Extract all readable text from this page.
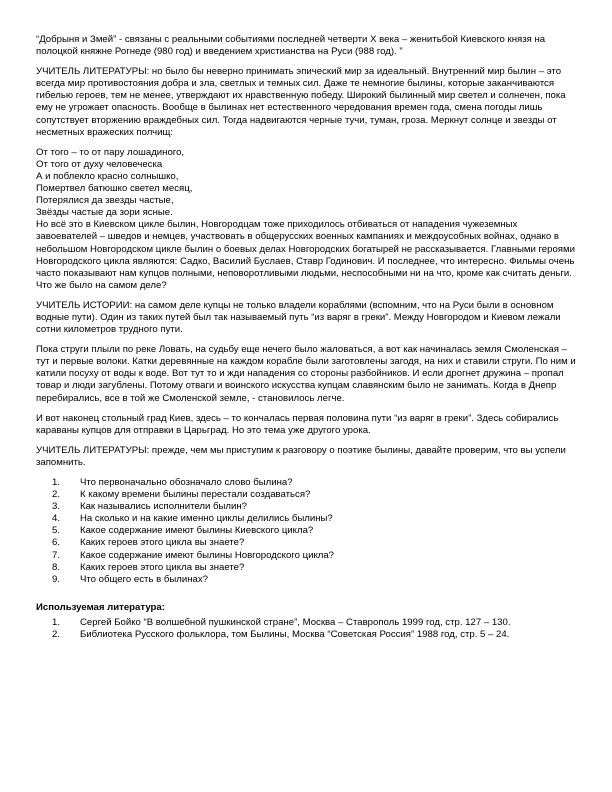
“Добрыня и Змей” - связаны с реальными событиями последней четверти X века – женитьбой Киевского князя на полоцкой княжне Рогнеде (980 год) и введением христианства на Руси (988 год). ”

УЧИТЕЛЬ ЛИТЕРАТУРЫ: но было бы неверно принимать эпический мир за идеальный. Внутренний мир былин – это всегда мир противостояния добра и зла, светлых и темных сил. Даже те немногие былины, которые заканчиваются гибелью героев, тем не менее, утверждают их нравственную победу. Широкий былинный мир светел и солнечен, пока ему не угрожает опасность. Вообще в былинах нет естественного чередования времен года, смена погоды лишь сопутствует вторжению враждебных сил. Тогда надвигаются черные тучи, туман, гроза. Меркнут солнце и звезды от несметных вражеских полчищ:

От того – то от пару лошадиного,
От того от духу человеческа
А и поблекло красно солнышко,
Помертвел батюшко светел месяц,
Потерялися да звезды частые,
Звёзды частые да зори ясные.

Но всё это в Киевском цикле былин, Новгородцам тоже приходилось отбиваться от нападения чужеземных завоевателей – шведов и немцев, участвовать в общерусских военных кампаниях и междоусобных войнах, однако в небольшом Новгородском цикле былин о боевых делах Новгородских богатырей не рассказывается. Главными героями Новгородского цикла являются: Садко, Василий Буслаев, Ставр Годинович. И последнее, что интересно. Фильмы очень часто показывают нам купцов полными, неповоротливыми людьми, неспособными ни на что, кроме как считать деньги. Что же было на самом деле?

УЧИТЕЛЬ ИСТОРИИ: на самом деле купцы не только владели кораблями (вспомним, что на Руси были в основном водные пути). Один из таких путей был так называемый путь “из варяг в греки”. Между Новгородом и Киевом лежали сотни километров трудного пути.

Пока струги плыли по реке Ловать, на судьбу еще нечего было жаловаться, а вот как начиналась земля Смоленская – тут и первые волоки. Катки деревянные на каждом корабле были заготовлены загодя, на них и ставили струги. По ним и катили посуху от воды к воде. Вот тут то и жди нападения со стороны разбойников. И если дрогнет дружина – пропал товар и люди загублены. Потому отваги и воинского искусства купцам славянским было не занимать. Когда в Днепр перебирались, все в той же Смоленской земле, - становилось легче.

И вот наконец стольный град Киев, здесь – то кончалась первая половина пути “из варяг в греки”. Здесь собирались караваны купцов для отправки в Царьград. Но это тема уже другого урока.

УЧИТЕЛЬ ЛИТЕРАТУРЫ: прежде, чем мы приступим к разговору о поэтике былины, давайте проверим, что вы успели запомнить.

1. Что первоначально обозначало слово былина?
2. К какому времени былины перестали создаваться?
3. Как назывались исполнители былин?
4. На сколько и на какие именно циклы делились былины?
5. Какое содержание имеют былины Киевского цикла?
6. Каких героев этого цикла вы знаете?
7. Какое содержание имеют былины Новгородского цикла?
8. Каких героев этого цикла вы знаете?
9. Что общего есть в былинах?
Используемая литература:
1. Сергей Бойко “В волшебной пушкинской стране”, Москва – Ставрополь 1999 год, стр. 127 – 130.
2. Библиотека Русского фольклора, том Былины, Москва “Советская Россия” 1988 год, стр. 5 – 24.
